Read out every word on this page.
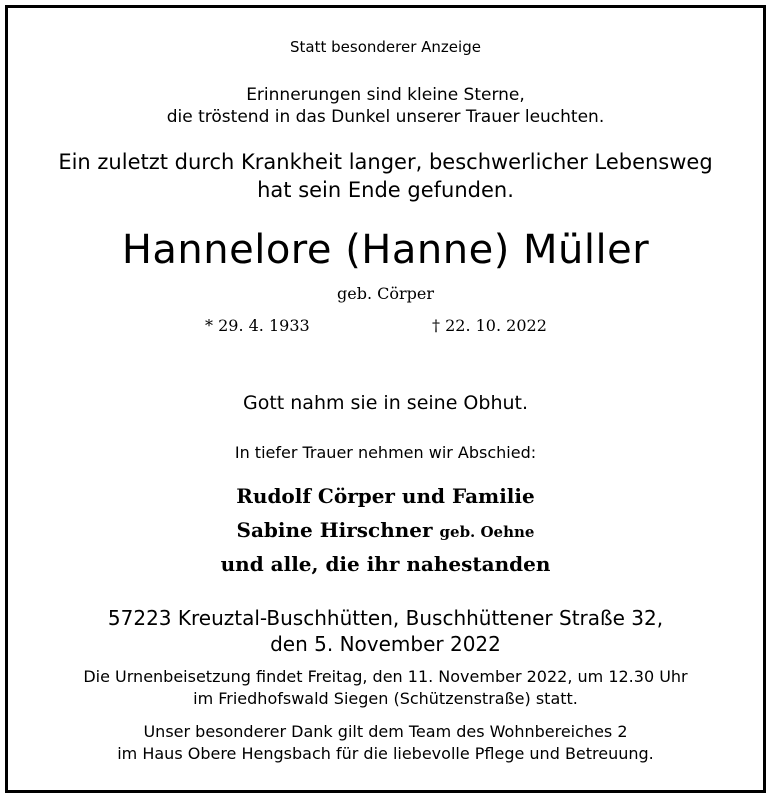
Statt besonderer Anzeige
Erinnerungen sind kleine Sterne,
die tröstend in das Dunkel unserer Trauer leuchten.
Ein zuletzt durch Krankheit langer, beschwerlicher Lebensweg
hat sein Ende gefunden.
Hannelore (Hanne) Müller
geb. Cörper
* 29. 4. 1933	† 22. 10. 2022
Gott nahm sie in seine Obhut.
In tiefer Trauer nehmen wir Abschied:
Rudolf Cörper und Familie
Sabine Hirschner geb. Oehne
und alle, die ihr nahestanden
57223 Kreuztal-Buschhütten, Buschhüttener Straße 32,
den 5. November 2022
Die Urnenbeisetzung findet Freitag, den 11. November 2022, um 12.30 Uhr
im Friedhofswald Siegen (Schützenstraße) statt.
Unser besonderer Dank gilt dem Team des Wohnbereiches 2
im Haus Obere Hengsbach für die liebevolle Pflege und Betreuung.
